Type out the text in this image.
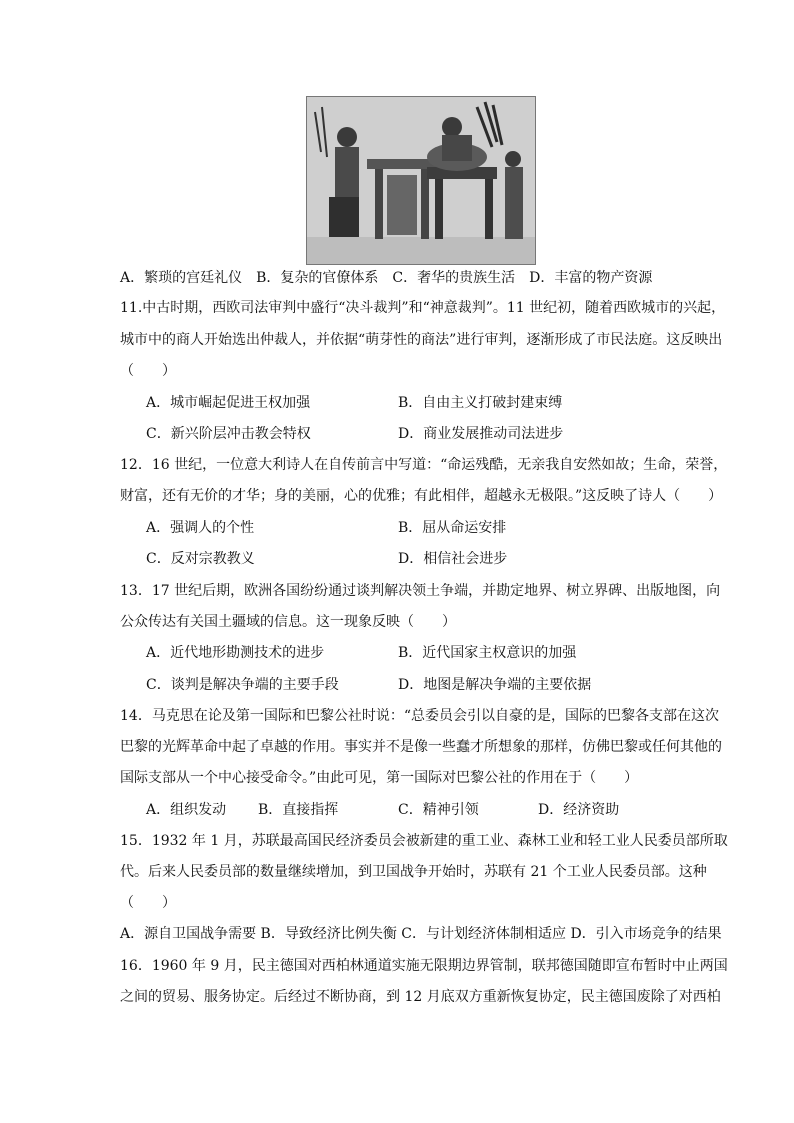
A．繁琐的宫廷礼仪　B．复杂的官僚体系　C．奢华的贵族生活　D．丰富的物产资源
11.中古时期，西欧司法审判中盛行“决斗裁判”和“神意裁判”。11 世纪初，随着西欧城市的兴起，
城市中的商人开始选出仲裁人，并依据“萌芽性的商法”进行审判，逐渐形成了市民法庭。这反映出
（　　）
A．城市崛起促进王权加强	B．自由主义打破封建束缚
C．新兴阶层冲击教会特权	D．商业发展推动司法进步
12．16 世纪，一位意大利诗人在自传前言中写道：“命运残酷，无亲我自安然如故；生命，荣誉，
财富，还有无价的才华；身的美丽，心的优雅；有此相伴，超越永无极限。”这反映了诗人（　　）
A．强调人的个性	B．屈从命运安排
C．反对宗教教义	D．相信社会进步
13．17 世纪后期，欧洲各国纷纷通过谈判解决领土争端，并勘定地界、树立界碑、出版地图，向
公众传达有关国土疆域的信息。这一现象反映（　　）
A．近代地形勘测技术的进步	B．近代国家主权意识的加强
C．谈判是解决争端的主要手段	D．地图是解决争端的主要依据
14．马克思在论及第一国际和巴黎公社时说：“总委员会引以自豪的是，国际的巴黎各支部在这次
巴黎的光辉革命中起了卓越的作用。事实并不是像一些蠢才所想象的那样，仿佛巴黎或任何其他的
国际支部从一个中心接受命令。”由此可见，第一国际对巴黎公社的作用在于（　　）
A．组织发动 B．直接指挥	C．精神引领	D．经济资助
15．1932 年 1 月，苏联最高国民经济委员会被新建的重工业、森林工业和轻工业人民委员部所取
代。后来人民委员部的数量继续增加，到卫国战争开始时，苏联有 21 个工业人民委员部。这种
（　　）
A．源自卫国战争需要 B．导致经济比例失衡 C．与计划经济体制相适应 D．引入市场竞争的结果
16．1960 年 9 月，民主德国对西柏林通道实施无限期边界管制，联邦德国随即宣布暂时中止两国
之间的贸易、服务协定。后经过不断协商，到 12 月底双方重新恢复协定，民主德国废除了对西柏
